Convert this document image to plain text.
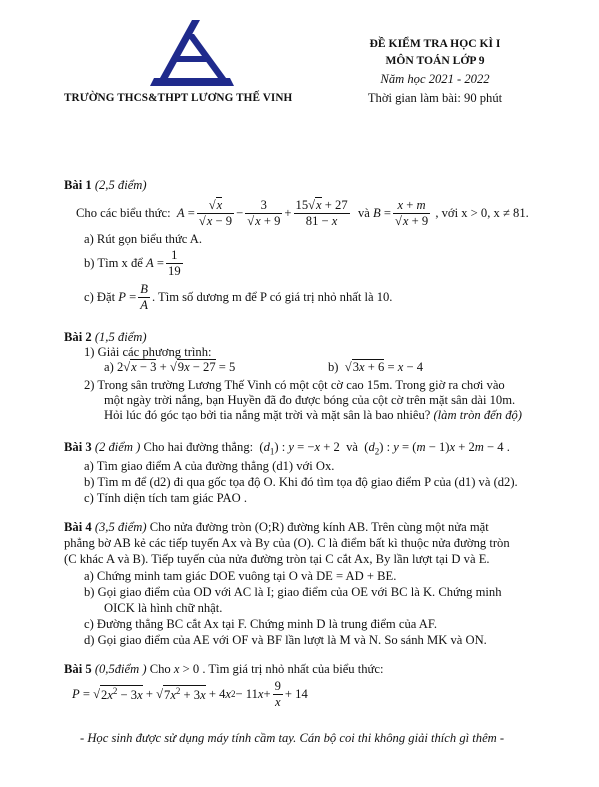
TRƯỜNG THCS&THPT LƯƠNG THẾ VINH
ĐỀ KIỂM TRA HỌC KÌ I
MÔN TOÁN LỚP 9
Năm học 2021 - 2022
Thời gian làm bài: 90 phút
Bài 1 (2,5 điểm)
Cho các biểu thức:
$A = \frac{√x}{√x - 9} - \frac{3}{√x + 9} + \frac{15√x + 27}{81 - x}$
và
$B = \frac{x + m}{√x + 9}$
, với x > 0, x ≠ 81.
a) Rút gọn biểu thức A.
b) Tìm x để
$A = \frac{1}{19}$
c) Đặt
$P = \frac{B}{A}$ . Tìm số dương m để P có giá trị nhỏ nhất là 10.
Bài 2 (1,5 điểm)
1) Giải các phương trình:
a) 2√x − 3 + √9x − 27 = 5	b)  √3x + 6 = x − 4
2) Trong sân trường Lương Thế Vinh có một cột cờ cao 15m. Trong giờ ra chơi vào
một ngày trời nắng, bạn Huyền đã đo được bóng của cột cờ trên mặt sân dài 10m.
Hỏi lúc đó góc tạo bởi tia nắng mặt trời và mặt sân là bao nhiêu? (làm tròn đến độ)
Bài 3 (2 điểm ) Cho hai đường thẳng:  $(d_1)$ : y = −x + 2  và  $(d_2)$ : y = (m − 1)x + 2m − 4 .
a) Tìm giao điểm A của đường thẳng (d1) với Ox.
b) Tìm m để (d2) đi qua gốc tọa độ O. Khi đó tìm tọa độ giao điểm P của (d1) và (d2).
c) Tính diện tích tam giác PAO .
Bài 4 (3,5 điểm) Cho nửa đường tròn (O;R) đường kính AB. Trên cùng một nửa mặt
phẳng bờ AB kẻ các tiếp tuyến Ax và By của (O). C là điểm bất kì thuộc nửa đường tròn
(C khác A và B). Tiếp tuyến của nửa đường tròn tại C cắt Ax, By lần lượt tại D và E.
a) Chứng minh tam giác DOE vuông tại O và DE = AD + BE.
b) Gọi giao điểm của OD với AC là I; giao điểm của OE với BC là K. Chứng minh
OICK là hình chữ nhật.
c) Đường thẳng BC cắt Ax tại F. Chứng minh D là trung điểm của AF.
d) Gọi giao điểm của AE với OF và BF lần lượt là M và N. So sánh MK và ON.
Bài 5 (0,5điểm ) Cho x > 0 . Tìm giá trị nhỏ nhất của biểu thức:
P = √ $2x^2 - 3x$ + √ $7x^2 + 3x + 4$ x 2 − 11 $x + \frac{9}{x} + 14$
- Học sinh được sử dụng máy tính cầm tay. Cán bộ coi thi không giải thích gì thêm -
